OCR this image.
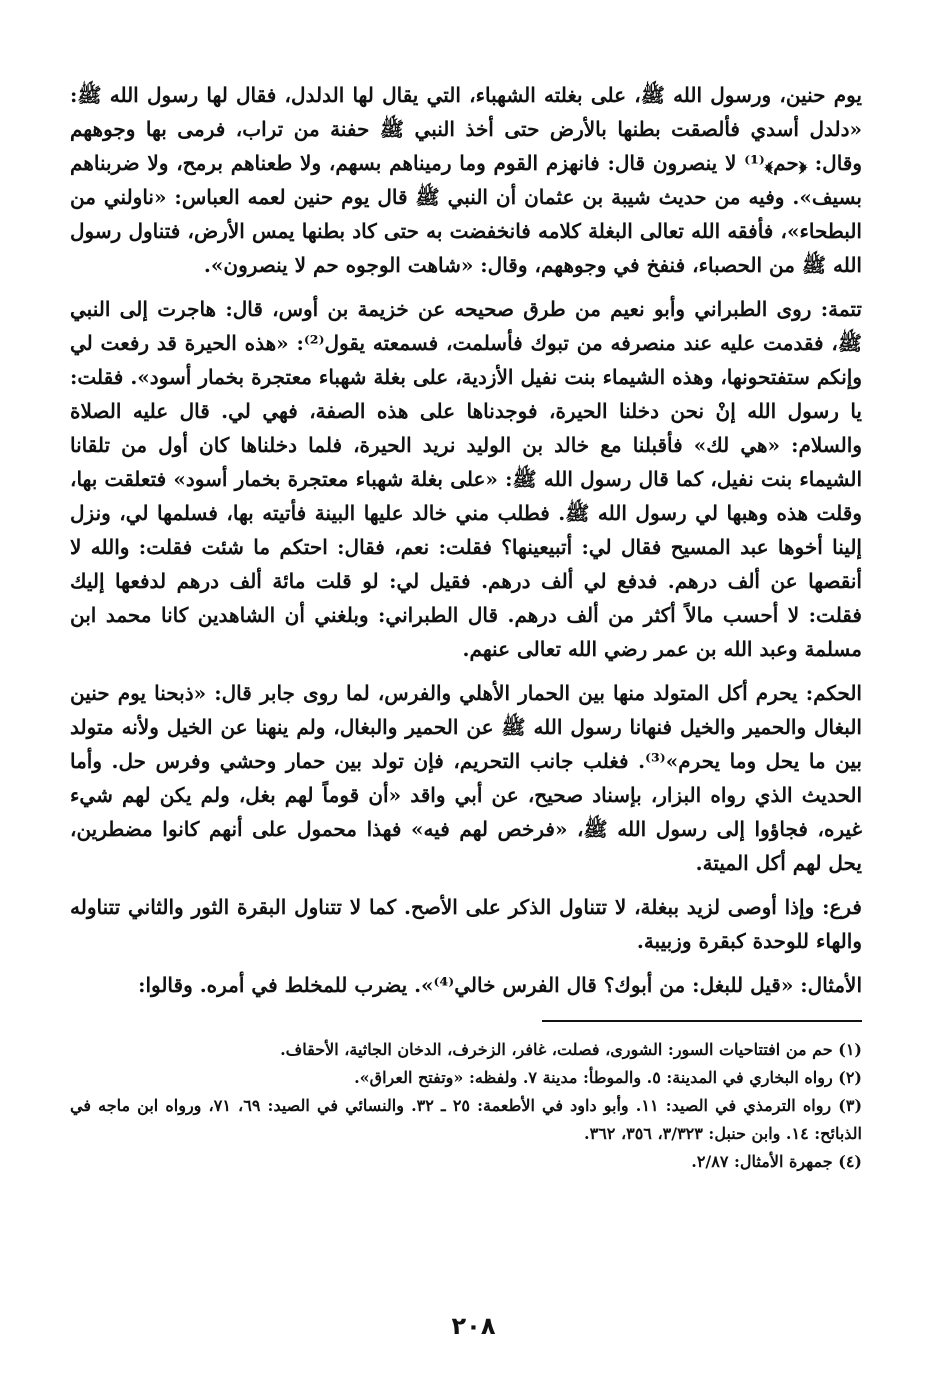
يوم حنين، ورسول الله ﷺ، على بغلته الشهباء، التي يقال لها الدلدل، فقال لها رسول الله ﷺ: «دلدل أسدي فألصقت بطنها بالأرض حتى أخذ النبي ﷺ حفنة من تراب، فرمى بها وجوههم وقال: ﴿حم﴾⁽¹⁾ لا ينصرون قال: فانهزم القوم وما رميناهم بسهم، ولا طعناهم برمح، ولا ضربناهم بسيف». وفيه من حديث شيبة بن عثمان أن النبي ﷺ قال يوم حنين لعمه العباس: «ناولني من البطحاء»، فأفقه الله تعالى البغلة كلامه فانخفضت به حتى كاد بطنها يمس الأرض، فتناول رسول الله ﷺ من الحصباء، فنفخ في وجوههم، وقال: «شاهت الوجوه حم لا ينصرون».

تتمة: روى الطبراني وأبو نعيم من طرق صحيحه عن خزيمة بن أوس، قال: هاجرت إلى النبي ﷺ، فقدمت عليه عند منصرفه من تبوك فأسلمت، فسمعته يقول⁽²⁾: «هذه الحيرة قد رفعت لي وإنكم ستفتحونها، وهذه الشيماء بنت نفيل الأزدية، على بغلة شهباء معتجرة بخمار أسود». فقلت: يا رسول الله إنْ نحن دخلنا الحيرة، فوجدناها على هذه الصفة، فهي لي. قال عليه الصلاة والسلام: «هي لك» فأقبلنا مع خالد بن الوليد نريد الحيرة، فلما دخلناها كان أول من تلقانا الشيماء بنت نفيل، كما قال رسول الله ﷺ: «على بغلة شهباء معتجرة بخمار أسود» فتعلقت بها، وقلت هذه وهبها لي رسول الله ﷺ. فطلب مني خالد عليها البينة فأتيته بها، فسلمها لي، ونزل إلينا أخوها عبد المسيح فقال لي: أتبيعينها؟ فقلت: نعم، فقال: احتكم ما شئت فقلت: والله لا أنقصها عن ألف درهم. فدفع لي ألف درهم. فقيل لي: لو قلت مائة ألف درهم لدفعها إليك فقلت: لا أحسب مالاً أكثر من ألف درهم. قال الطبراني: وبلغني أن الشاهدين كانا محمد ابن مسلمة وعبد الله بن عمر رضي الله تعالى عنهم.

الحكم: يحرم أكل المتولد منها بين الحمار الأهلي والفرس، لما روى جابر قال: «ذبحنا يوم حنين البغال والحمير والخيل فنهانا رسول الله ﷺ عن الحمير والبغال، ولم ينهنا عن الخيل ولأنه متولد بين ما يحل وما يحرم»⁽³⁾. فغلب جانب التحريم، فإن تولد بين حمار وحشي وفرس حل. وأما الحديث الذي رواه البزار، بإسناد صحيح، عن أبي واقد «أن قوماً لهم بغل، ولم يكن لهم شيء غيره، فجاؤوا إلى رسول الله ﷺ، «فرخص لهم فيه» فهذا محمول على أنهم كانوا مضطرين، يحل لهم أكل الميتة.

فرع: وإذا أوصى لزيد ببغلة، لا تتناول الذكر على الأصح. كما لا تتناول البقرة الثور والثاني تتناوله والهاء للوحدة كبقرة وزبيبة.

الأمثال: «قيل للبغل: من أبوك؟ قال الفرس خالي⁽⁴⁾». يضرب للمخلط في أمره. وقالوا:

(١) حم من افتتاحيات السور: الشورى، فصلت، غافر، الزخرف، الدخان الجاثية، الأحقاف.

(٢) رواه البخاري في المدينة: ٥. والموطأ: مدينة ٧. ولفظه: «وتفتح العراق».

(٣) رواه الترمذي في الصيد: ١١. وأبو داود في الأطعمة: ٢٥ ـ ٣٢. والنسائي في الصيد: ٦٩، ٧١، ورواه ابن ماجه في الذبائح: ١٤. وابن حنبل: ٣/٣٢٣، ٣٥٦، ٣٦٢.

(٤) جمهرة الأمثال: ٢/٨٧.

٢٠٨
